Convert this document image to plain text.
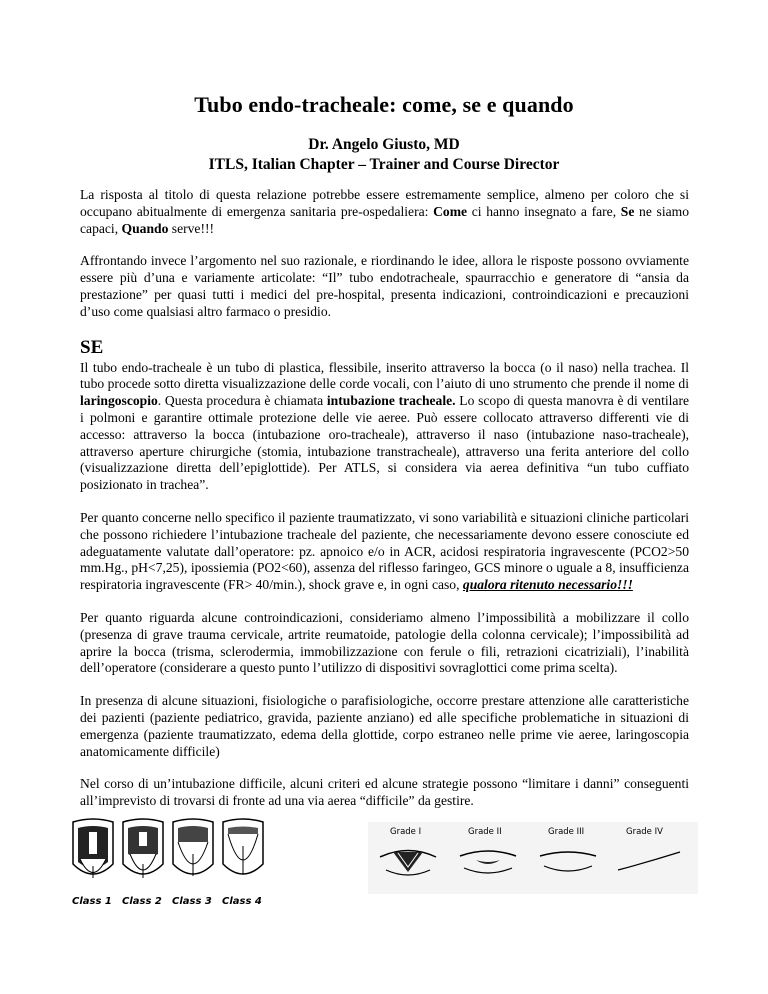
Tubo endo-tracheale: come, se e quando

Dr. Angelo Giusto, MD

ITLS, Italian Chapter – Trainer and Course Director

La risposta al titolo di questa relazione potrebbe essere estremamente semplice, almeno per coloro che si occupano abitualmente di emergenza sanitaria pre-ospedaliera: Come ci hanno insegnato a fare, Se ne siamo capaci, Quando serve!!!

Affrontando invece l’argomento nel suo razionale, e riordinando le idee, allora le risposte possono ovviamente essere più d’una e variamente articolate: “Il” tubo endotracheale, spaurracchio e generatore di “ansia da prestazione” per quasi tutti i medici del pre-hospital, presenta indicazioni, controindicazioni e precauzioni d’uso come qualsiasi altro farmaco o presidio.

SE

Il tubo endo-tracheale è un tubo di plastica, flessibile, inserito attraverso la bocca (o il naso) nella trachea. Il tubo procede sotto diretta visualizzazione delle corde vocali, con l’aiuto di uno strumento che prende il nome di laringoscopio. Questa procedura è chiamata intubazione tracheale. Lo scopo di questa manovra è di ventilare i polmoni e garantire ottimale protezione delle vie aeree. Può essere collocato attraverso differenti vie di accesso: attraverso la bocca (intubazione oro-tracheale), attraverso il naso (intubazione naso-tracheale), attraverso aperture chirurgiche (stomia, intubazione transtracheale), attraverso una ferita anteriore del collo (visualizzazione diretta dell’epiglottide). Per ATLS, si considera via aerea definitiva “un tubo cuffiato posizionato in trachea”.

Per quanto concerne nello specifico il paziente traumatizzato, vi sono variabilità e situazioni cliniche particolari che possono richiedere l’intubazione tracheale del paziente, che necessariamente devono essere conosciute ed adeguatamente valutate dall’operatore: pz. apnoico e/o in ACR, acidosi respiratoria ingravescente (PCO2>50 mm.Hg., pH<7,25), ipossiemia (PO2<60), assenza del riflesso faringeo, GCS minore o uguale a 8, insufficienza respiratoria ingravescente (FR> 40/min.), shock grave e, in ogni caso, qualora ritenuto necessario!!!

Per quanto riguarda alcune controindicazioni, consideriamo almeno l’impossibilità a mobilizzare il collo (presenza di grave trauma cervicale, artrite reumatoide, patologie della colonna cervicale); l’impossibilità ad aprire la bocca (trisma, sclerodermia, immobilizzazione con ferule o fili, retrazioni cicatriziali), l’inabilità dell’operatore (considerare a questo punto l’utilizzo di dispositivi sovraglottici come prima scelta).

In presenza di alcune situazioni, fisiologiche o parafisiologiche, occorre prestare attenzione alle caratteristiche dei pazienti (paziente pediatrico, gravida, paziente anziano) ed alle specifiche problematiche in situazioni di emergenza (paziente traumatizzato, edema della glottide, corpo estraneo nelle prime vie aeree, laringoscopia anatomicamente difficile)

Nel corso di un’intubazione difficile, alcuni criteri ed alcune strategie possono “limitare i danni” conseguenti all’imprevisto di trovarsi di fronte ad una via aerea “difficile” da gestire.

Class 1 Class 2 Class 3 Class 4
Grade I	Grade II	Grade III	Grade IV
